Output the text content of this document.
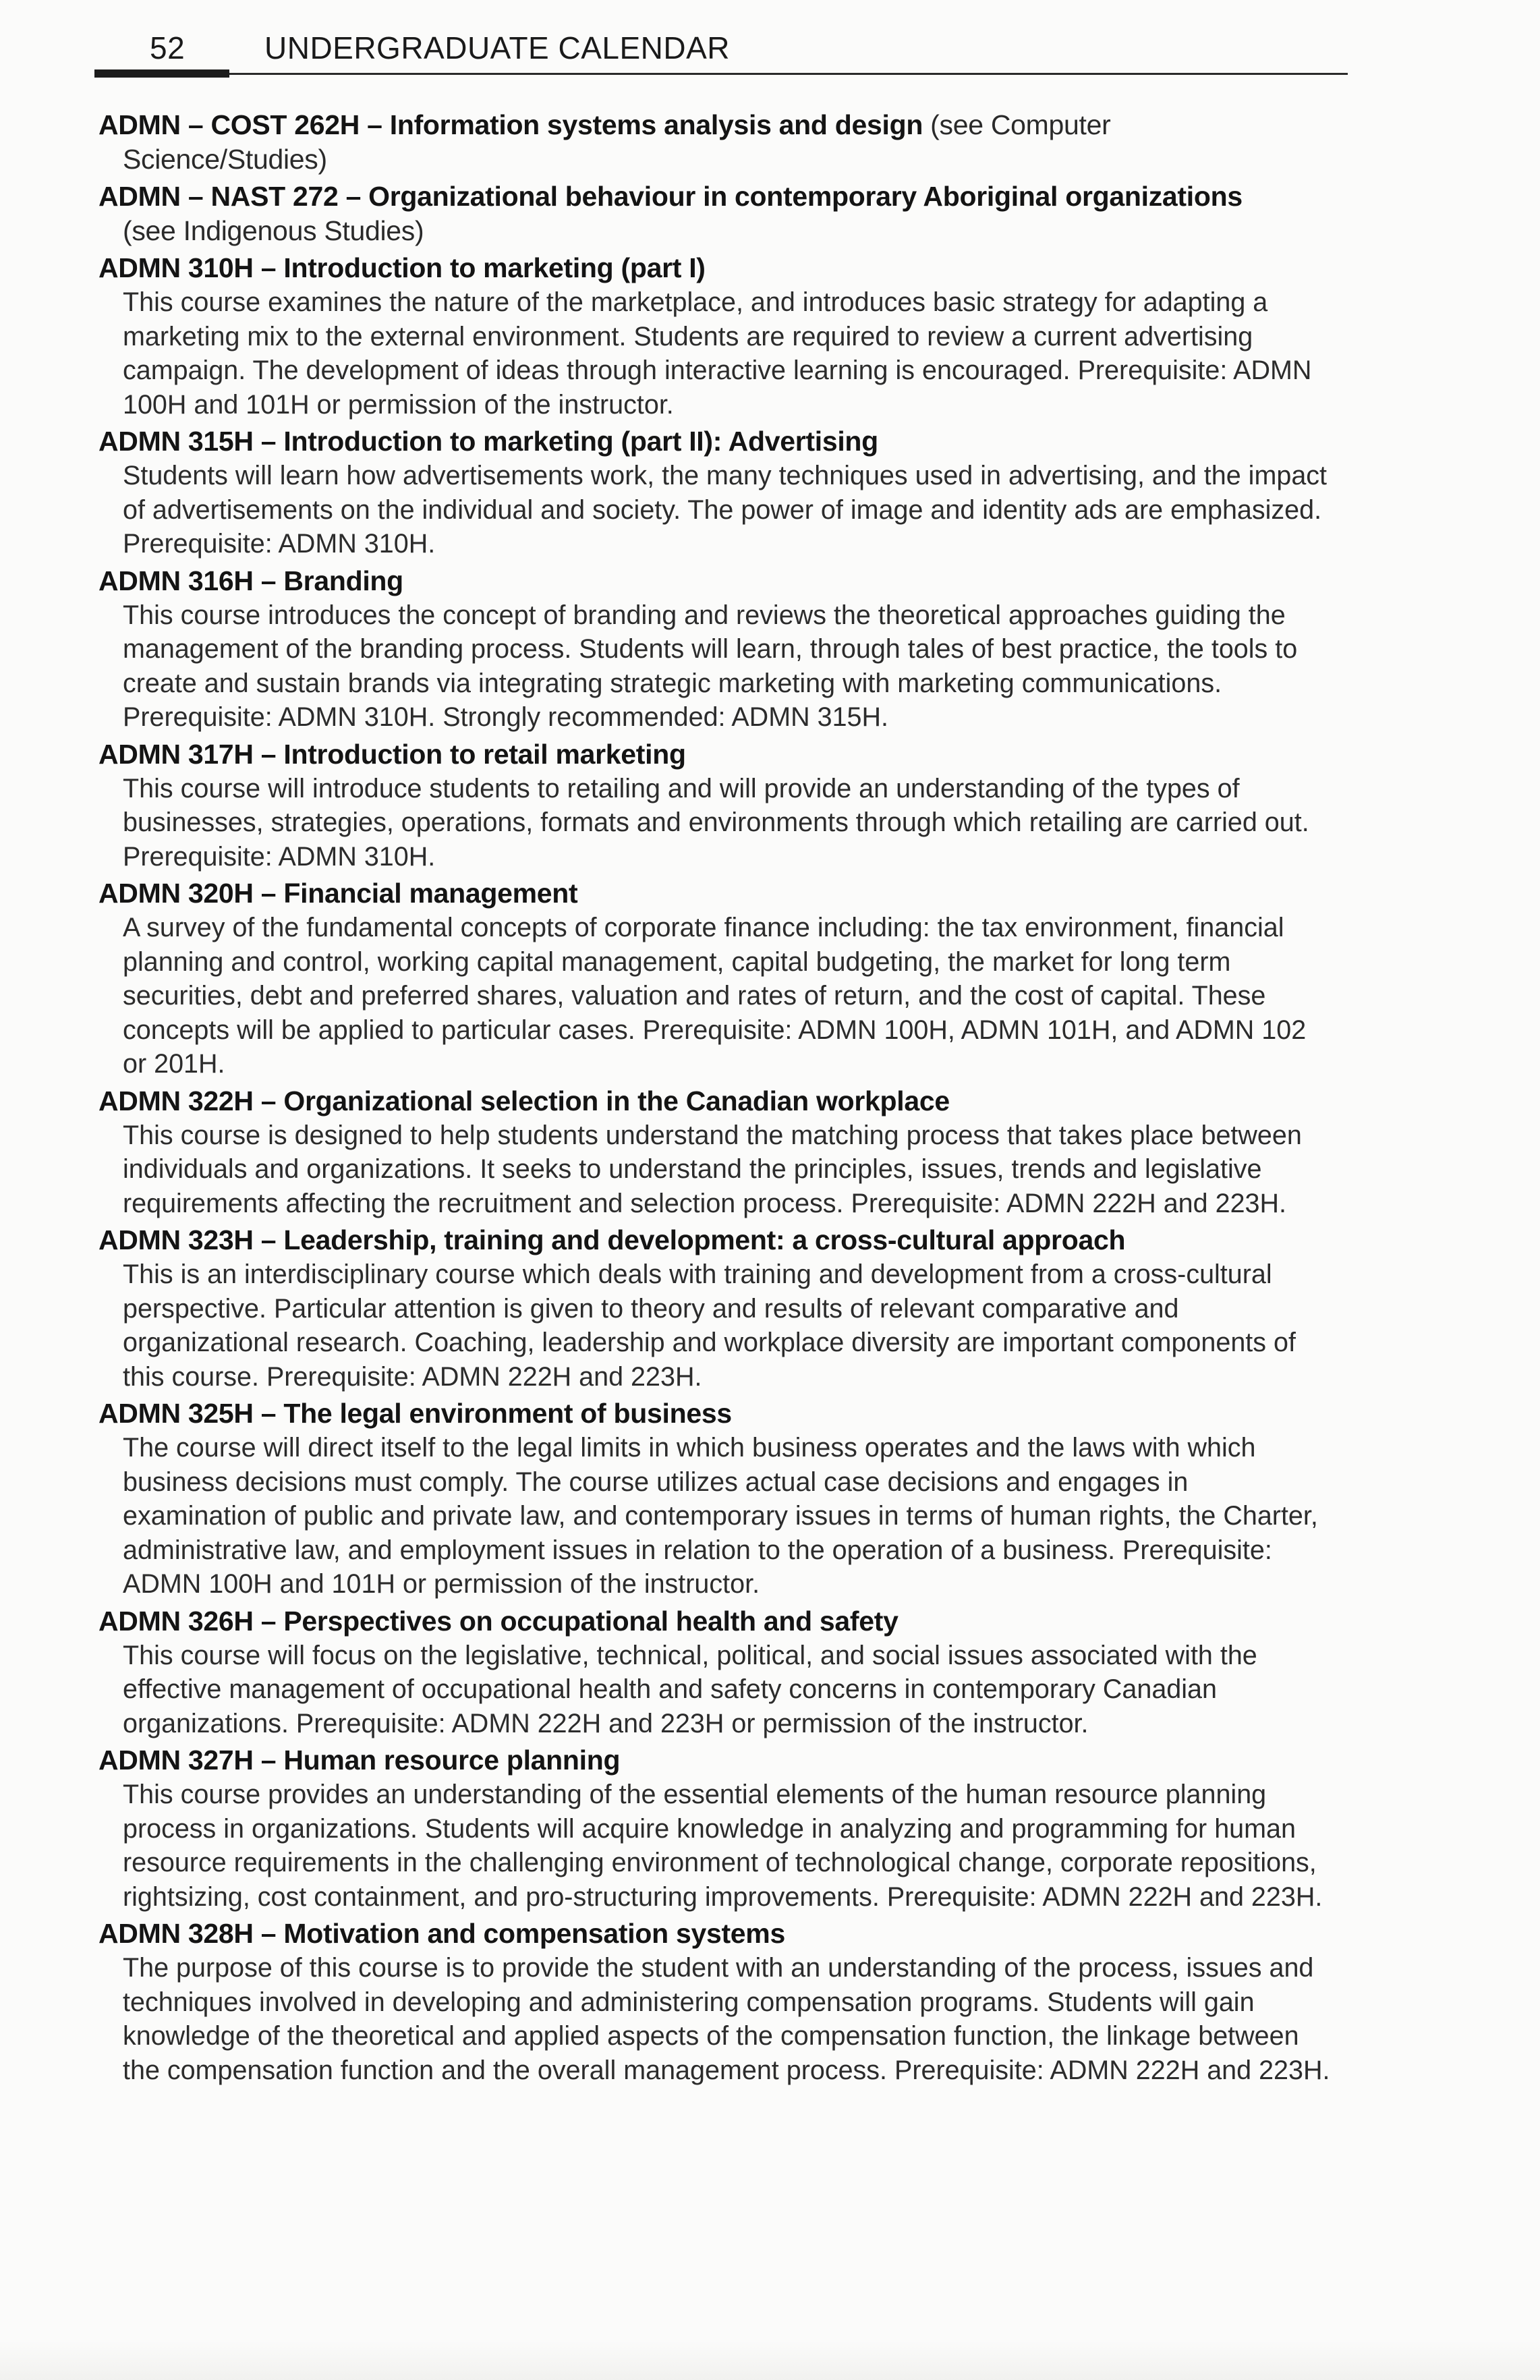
52	UNDERGRADUATE CALENDAR
ADMN – COST 262H – Information systems analysis and design (see Computer
Science/Studies)
ADMN – NAST 272 – Organizational behaviour in contemporary Aboriginal organizations
(see Indigenous Studies)
ADMN 310H – Introduction to marketing (part I)
This course examines the nature of the marketplace, and introduces basic strategy for adapting a marketing mix to the external environment. Students are required to review a current advertising campaign. The development of ideas through interactive learning is encouraged. Prerequisite: ADMN 100H and 101H or permission of the instructor.
ADMN 315H – Introduction to marketing (part II): Advertising
Students will learn how advertisements work, the many techniques used in advertising, and the impact of advertisements on the individual and society. The power of image and identity ads are emphasized. Prerequisite: ADMN 310H.
ADMN 316H – Branding
This course introduces the concept of branding and reviews the theoretical approaches guiding the management of the branding process. Students will learn, through tales of best practice, the tools to create and sustain brands via integrating strategic marketing with marketing communications. Prerequisite: ADMN 310H. Strongly recommended: ADMN 315H.
ADMN 317H – Introduction to retail marketing
This course will introduce students to retailing and will provide an understanding of the types of businesses, strategies, operations, formats and environments through which retailing are carried out. Prerequisite: ADMN 310H.
ADMN 320H – Financial management
A survey of the fundamental concepts of corporate finance including: the tax environment, financial planning and control, working capital management, capital budgeting, the market for long term securities, debt and preferred shares, valuation and rates of return, and the cost of capital. These concepts will be applied to particular cases. Prerequisite: ADMN 100H, ADMN 101H, and ADMN 102 or 201H.
ADMN 322H – Organizational selection in the Canadian workplace
This course is designed to help students understand the matching process that takes place between individuals and organizations. It seeks to understand the principles, issues, trends and legislative requirements affecting the recruitment and selection process. Prerequisite: ADMN 222H and 223H.
ADMN 323H – Leadership, training and development: a cross-cultural approach
This is an interdisciplinary course which deals with training and development from a cross-cultural perspective. Particular attention is given to theory and results of relevant comparative and organizational research. Coaching, leadership and workplace diversity are important components of this course. Prerequisite: ADMN 222H and 223H.
ADMN 325H – The legal environment of business
The course will direct itself to the legal limits in which business operates and the laws with which business decisions must comply. The course utilizes actual case decisions and engages in examination of public and private law, and contemporary issues in terms of human rights, the Charter, administrative law, and employment issues in relation to the operation of a business. Prerequisite: ADMN 100H and 101H or permission of the instructor.
ADMN 326H – Perspectives on occupational health and safety
This course will focus on the legislative, technical, political, and social issues associated with the effective management of occupational health and safety concerns in contemporary Canadian organizations. Prerequisite: ADMN 222H and 223H or permission of the instructor.
ADMN 327H – Human resource planning
This course provides an understanding of the essential elements of the human resource planning process in organizations. Students will acquire knowledge in analyzing and programming for human resource requirements in the challenging environment of technological change, corporate repositions, rightsizing, cost containment, and pro-structuring improvements. Prerequisite: ADMN 222H and 223H.
ADMN 328H – Motivation and compensation systems
The purpose of this course is to provide the student with an understanding of the process, issues and techniques involved in developing and administering compensation programs. Students will gain knowledge of the theoretical and applied aspects of the compensation function, the linkage between the compensation function and the overall management process. Prerequisite: ADMN 222H and 223H.
